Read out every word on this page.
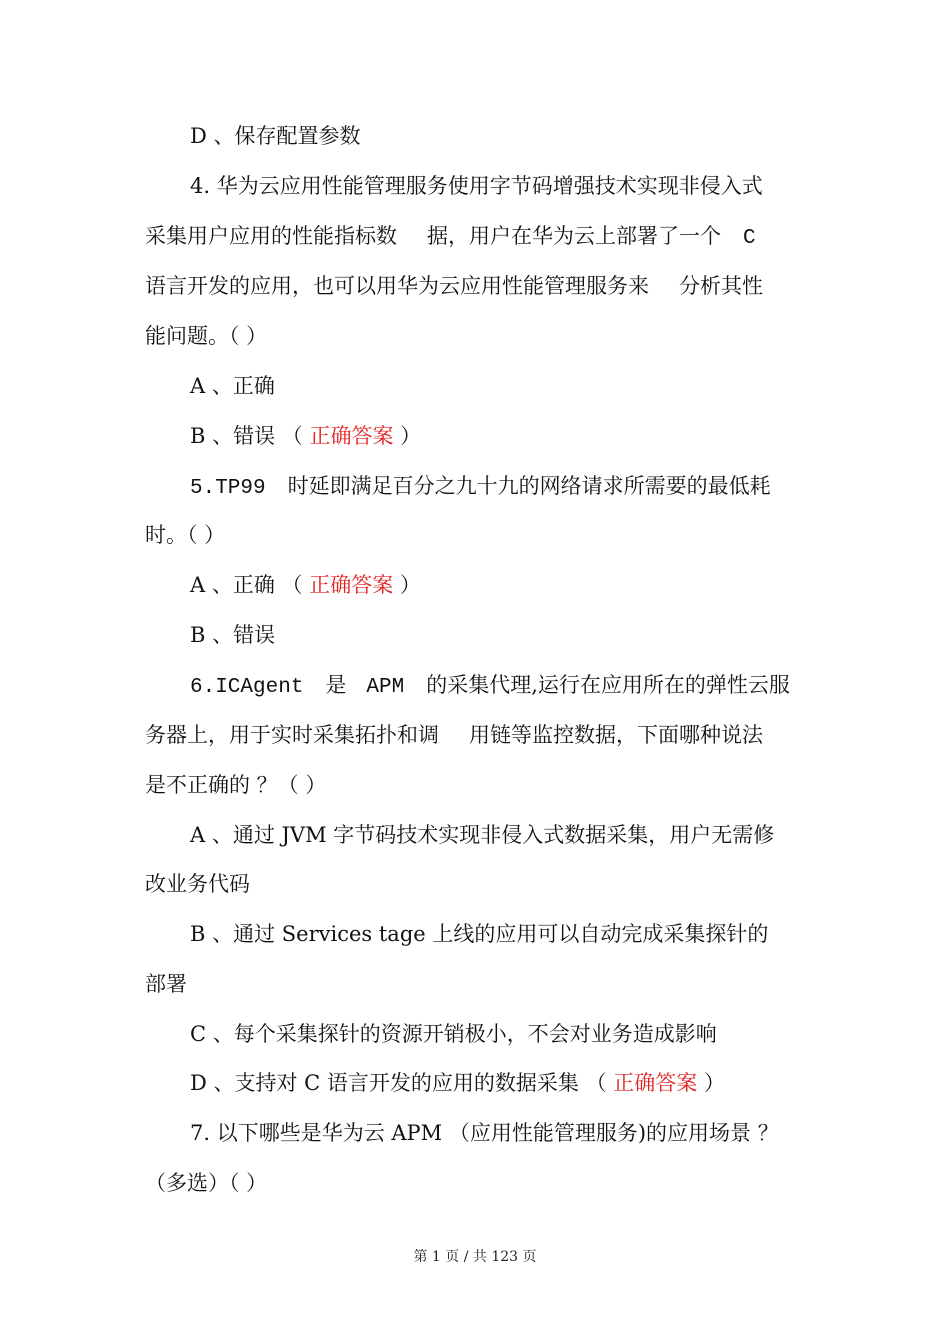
D 、保存配置参数
4. 华为云应用性能管理服务使用字节码增强技术实现非侵入式
采集用户应用的性能指标数 据，用户在华为云上部署了一个 C
语言开发的应用，也可以用华为云应用性能管理服务来 分析其性
能问题。（ ）
A 、正确
B 、错误 （ 正确答案 ）
5.TP99 时延即满足百分之九十九的网络请求所需要的最低耗
时。（ ）
A 、正确 （ 正确答案 ）
B 、错误
6.ICAgent 是 APM 的采集代理,运行在应用所在的弹性云服
务器上，用于实时采集拓扑和调 用链等监控数据，下面哪种说法
是不正确的 ？（ ）
A 、通过 JVM 字节码技术实现非侵入式数据采集，用户无需修
改业务代码
B 、通过 Services tage 上线的应用可以自动完成采集探针的
部署
C 、每个采集探针的资源开销极小，不会对业务造成影响
D 、支持对 C 语言开发的应用的数据采集 （ 正确答案 ）
7. 以下哪些是华为云 APM （应用性能管理服务)的应用场景 ？
（多选）（ ）
第 1 页 / 共 123 页
